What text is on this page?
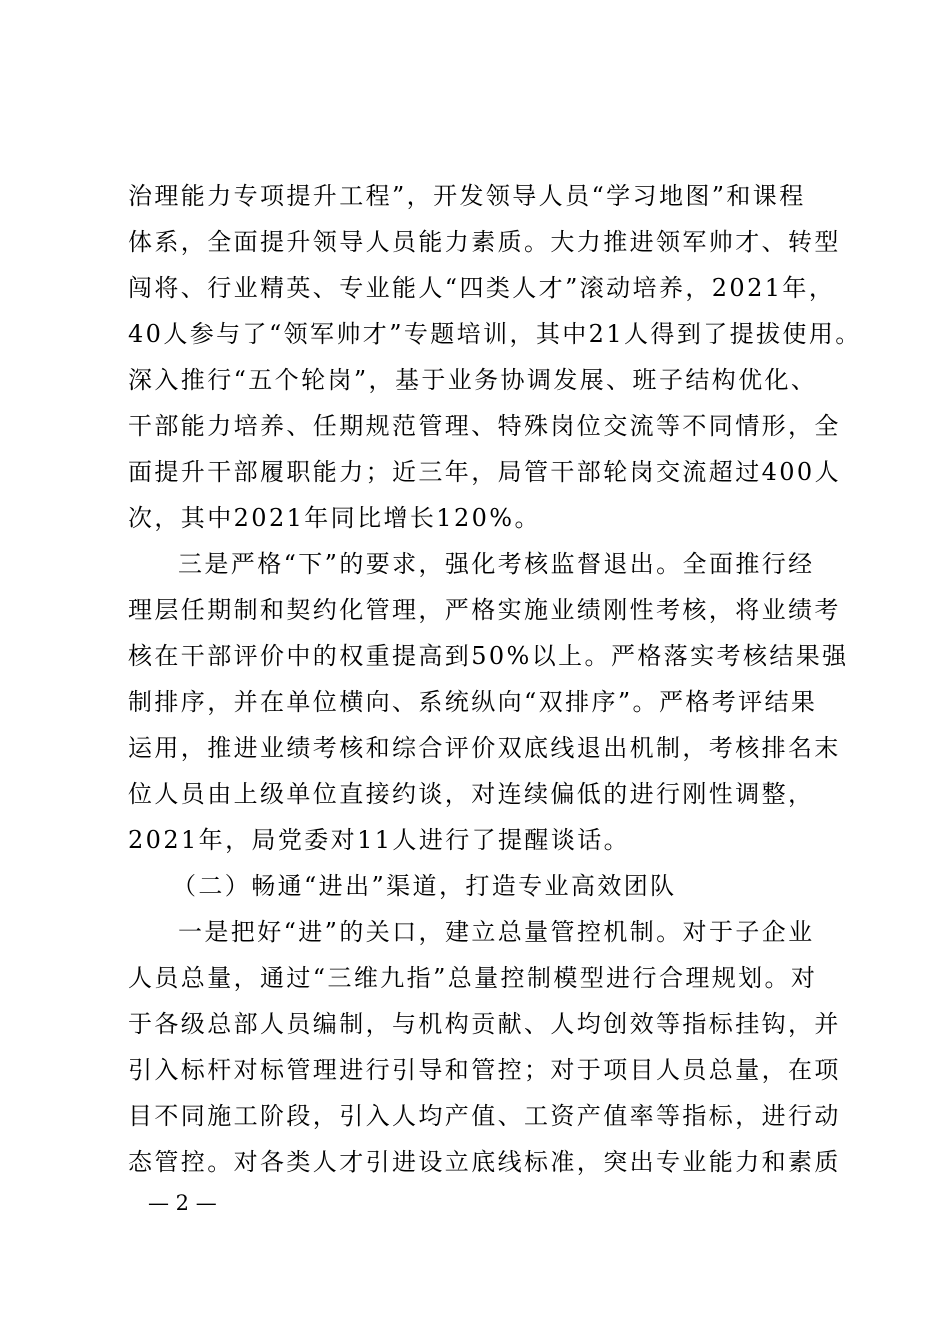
治理能力专项提升工程”，开发领导人员“学习地图”和课程
体系，全面提升领导人员能力素质。大力推进领军帅才、转型
闯将、行业精英、专业能人“四类人才”滚动培养，2021年，
40人参与了“领军帅才”专题培训，其中21人得到了提拔使用。
深入推行“五个轮岗”，基于业务协调发展、班子结构优化、
干部能力培养、任期规范管理、特殊岗位交流等不同情形，全
面提升干部履职能力；近三年，局管干部轮岗交流超过400人
次，其中2021年同比增长120%。
三是严格“下”的要求，强化考核监督退出。全面推行经
理层任期制和契约化管理，严格实施业绩刚性考核，将业绩考
核在干部评价中的权重提高到50%以上。严格落实考核结果强
制排序，并在单位横向、系统纵向“双排序”。严格考评结果
运用，推进业绩考核和综合评价双底线退出机制，考核排名末
位人员由上级单位直接约谈，对连续偏低的进行刚性调整，
2021年，局党委对11人进行了提醒谈话。
（二）畅通“进出”渠道，打造专业高效团队
一是把好“进”的关口，建立总量管控机制。对于子企业
人员总量，通过“三维九指”总量控制模型进行合理规划。对
于各级总部人员编制，与机构贡献、人均创效等指标挂钩，并
引入标杆对标管理进行引导和管控；对于项目人员总量，在项
目不同施工阶段，引入人均产值、工资产值率等指标，进行动
态管控。对各类人才引进设立底线标准，突出专业能力和素质
— 2 —
